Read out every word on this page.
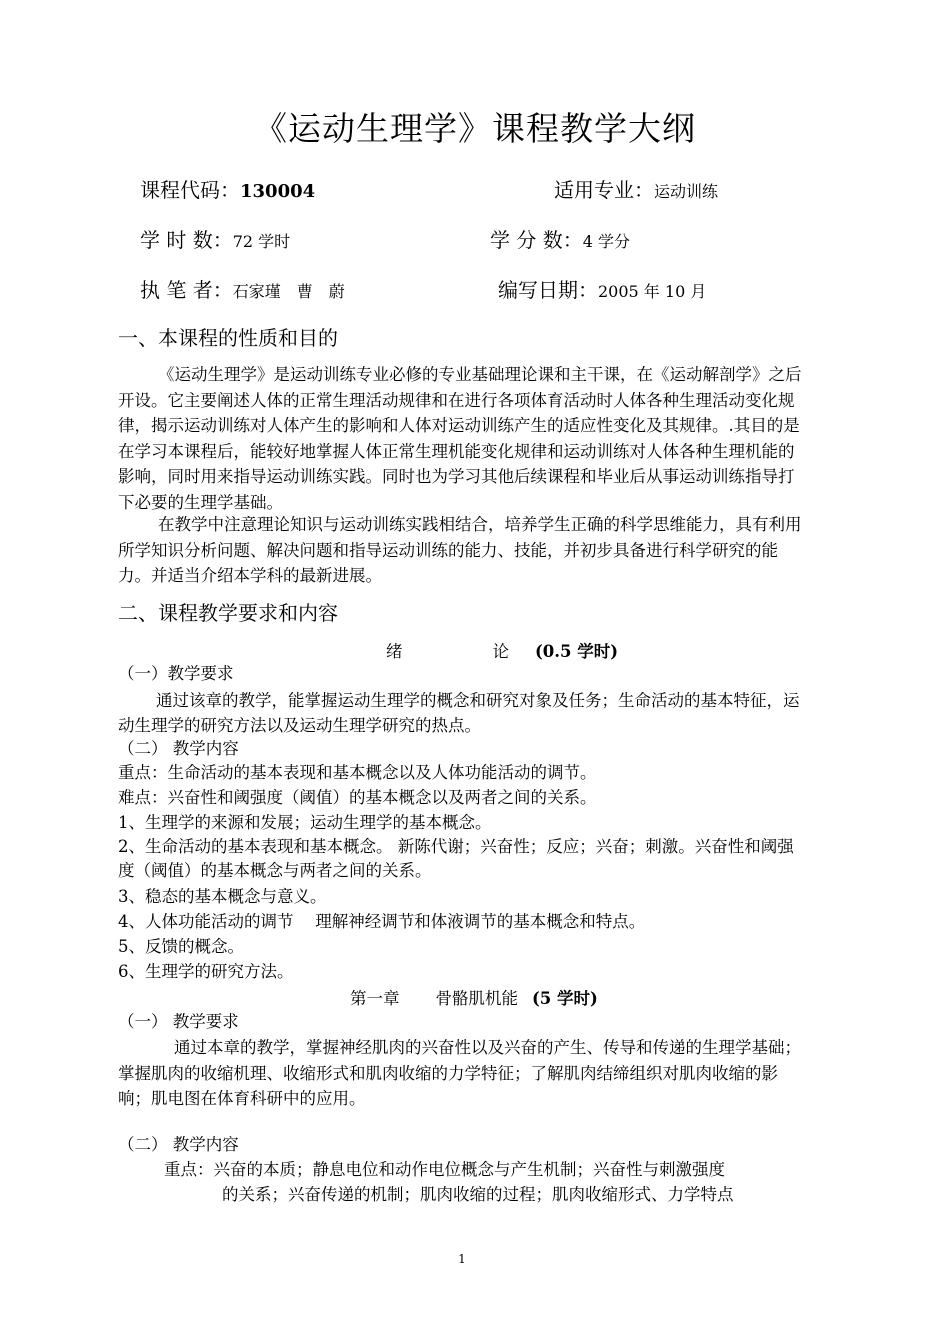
《运动生理学》课程教学大纲
课程代码：130004	适用专业：运动训练
学 时 数：72 学时	学 分 数：4 学分
执 笔 者：石家瑾　曹　蔚	编写日期：2005 年 10 月
一、本课程的性质和目的
《运动生理学》是运动训练专业必修的专业基础理论课和主干课，在《运动解剖学》之后开设。它主要阐述人体的正常生理活动规律和在进行各项体育活动时人体各种生理活动变化规律，揭示运动训练对人体产生的影响和人体对运动训练产生的适应性变化及其规律。.其目的是在学习本课程后，能较好地掌握人体正常生理机能变化规律和运动训练对人体各种生理机能的影响，同时用来指导运动训练实践。同时也为学习其他后续课程和毕业后从事运动训练指导打下必要的生理学基础。
在教学中注意理论知识与运动训练实践相结合，培养学生正确的科学思维能力，具有利用所学知识分析问题、解决问题和指导运动训练的能力、技能，并初步具备进行科学研究的能力。并适当介绍本学科的最新进展。
二、课程教学要求和内容
绪	论 (0.5 学时)
（一）教学要求
通过该章的教学，能掌握运动生理学的概念和研究对象及任务；生命活动的基本特征，运动生理学的研究方法以及运动生理学研究的热点。
（二） 教学内容
重点：生命活动的基本表现和基本概念以及人体功能活动的调节。
难点：兴奋性和阈强度（阈值）的基本概念以及两者之间的关系。
1、生理学的来源和发展；运动生理学的基本概念。
2、生命活动的基本表现和基本概念。 新陈代谢；兴奋性；反应；兴奋；刺激。兴奋性和阈强度（阈值）的基本概念与两者之间的关系。
3、稳态的基本概念与意义。
4、人体功能活动的调节　 理解神经调节和体液调节的基本概念和特点。
5、反馈的概念。
6、生理学的研究方法。
第一章 骨骼肌机能 (5 学时)
（一） 教学要求
通过本章的教学，掌握神经肌肉的兴奋性以及兴奋的产生、传导和传递的生理学基础；掌握肌肉的收缩机理、收缩形式和肌肉收缩的力学特征；了解肌肉结缔组织对肌肉收缩的影响；肌电图在体育科研中的应用。
（二） 教学内容
重点：兴奋的本质；静息电位和动作电位概念与产生机制；兴奋性与刺激强度
的关系；兴奋传递的机制；肌肉收缩的过程；肌肉收缩形式、力学特点
1
